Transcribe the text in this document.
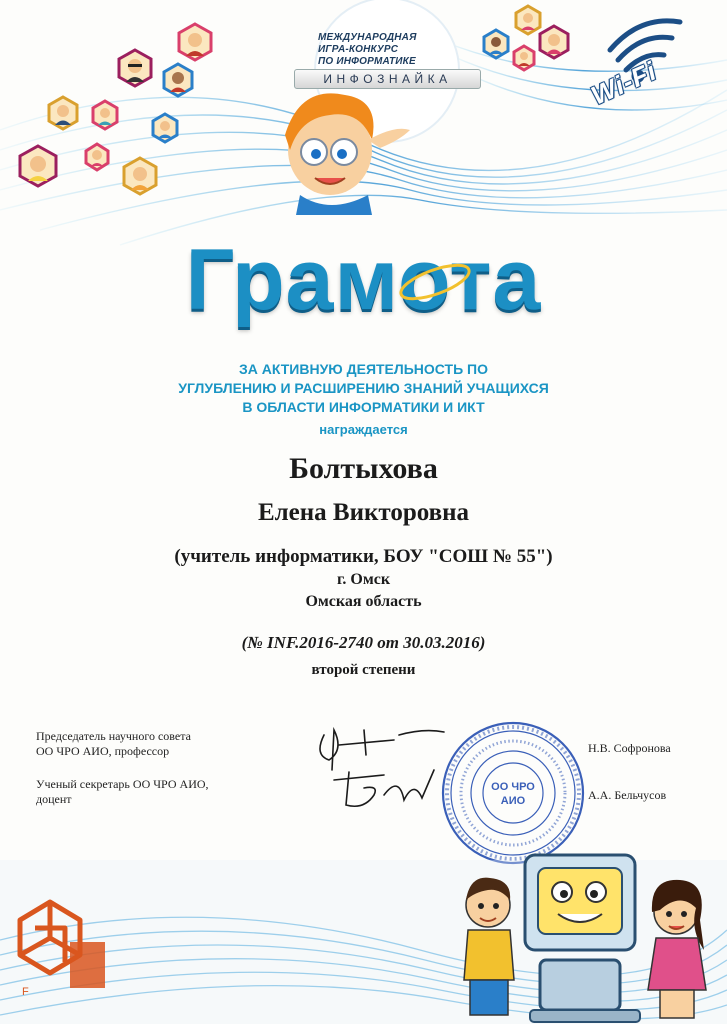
МЕЖДУНАРОДНАЯ
ИГРА-КОНКУРС
ПО ИНФОРМАТИКЕ
ИНФОЗНАЙКА	Wi-Fi
Грамота
ЗА АКТИВНУЮ ДЕЯТЕЛЬНОСТЬ ПО
УГЛУБЛЕНИЮ И РАСШИРЕНИЮ ЗНАНИЙ УЧАЩИХСЯ
В ОБЛАСТИ ИНФОРМАТИКИ И ИКТ
награждается
Болтыхова
Елена Викторовна
(учитель информатики, БОУ "СОШ № 55")
г. Омск
Омская область
(№ INF.2016-2740 от 30.03.2016)
второй степени
Председатель научного совета
ОО ЧРО АИО, профессор
Ученый секретарь ОО ЧРО АИО,
доцент
Н.В. Софронова
А.А. Бельчусов
ОО ЧРО
АИО
F
